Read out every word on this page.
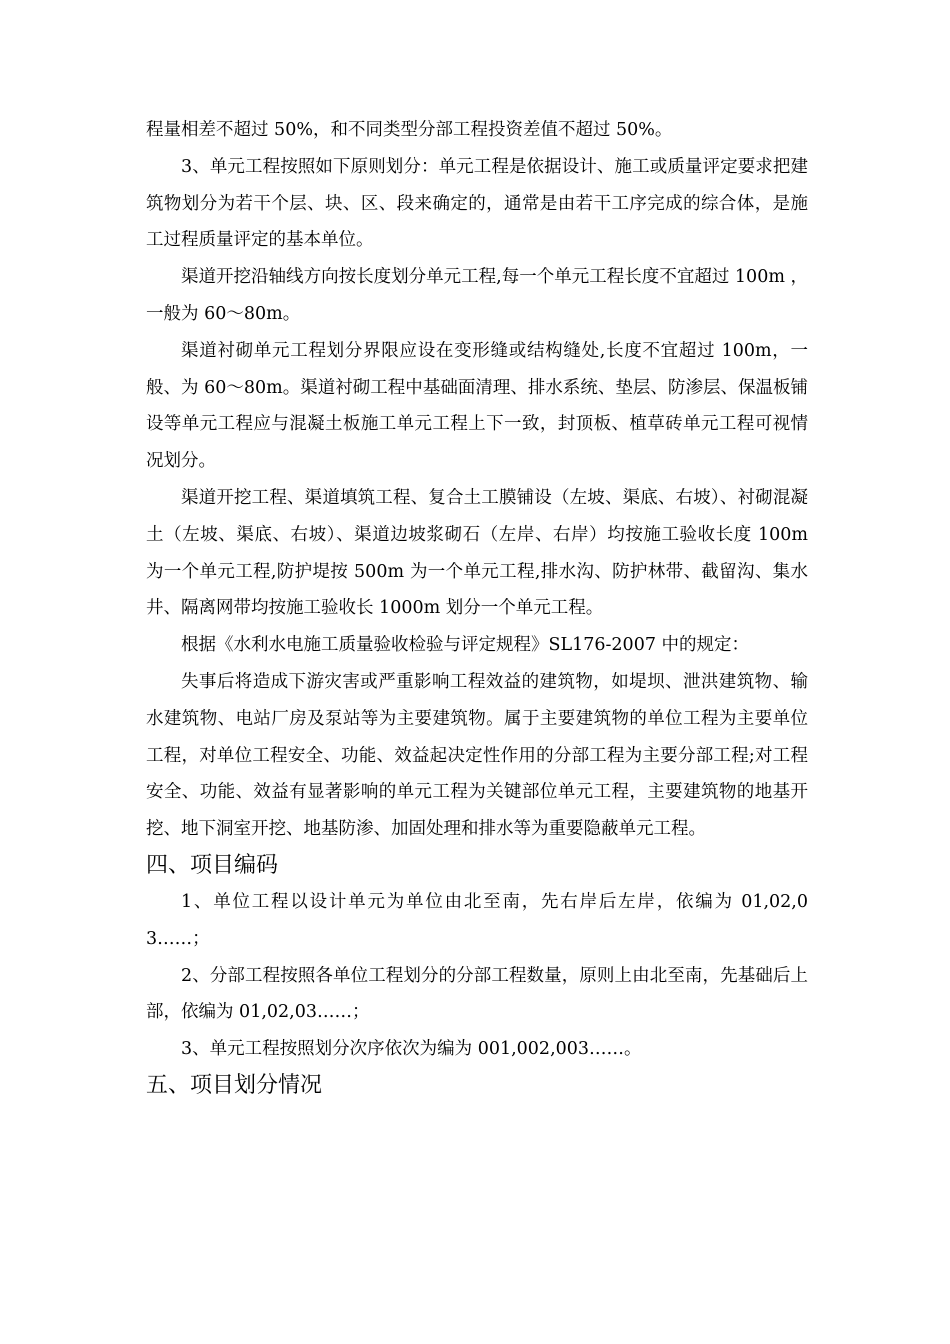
程量相差不超过 50%，和不同类型分部工程投资差值不超过 50%。

3、单元工程按照如下原则划分：单元工程是依据设计、施工或质量评定要求把建筑物划分为若干个层、块、区、段来确定的，通常是由若干工序完成的综合体，是施工过程质量评定的基本单位。

渠道开挖沿轴线方向按长度划分单元工程,每一个单元工程长度不宜超过 100m ，一般为 60～80m。

渠道衬砌单元工程划分界限应设在变形缝或结构缝处,长度不宜超过 100m，一般、为 60～80m。渠道衬砌工程中基础面清理、排水系统、垫层、防渗层、保温板铺设等单元工程应与混凝土板施工单元工程上下一致，封顶板、植草砖单元工程可视情况划分。

渠道开挖工程、渠道填筑工程、复合土工膜铺设（左坡、渠底、右坡）、衬砌混凝土（左坡、渠底、右坡）、渠道边坡浆砌石（左岸、右岸）均按施工验收长度 100m 为一个单元工程,防护堤按 500m 为一个单元工程,排水沟、防护林带、截留沟、集水井、隔离网带均按施工验收长 1000m 划分一个单元工程。

根据《水利水电施工质量验收检验与评定规程》SL176-2007 中的规定：

失事后将造成下游灾害或严重影响工程效益的建筑物，如堤坝、泄洪建筑物、输水建筑物、电站厂房及泵站等为主要建筑物。属于主要建筑物的单位工程为主要单位工程，对单位工程安全、功能、效益起决定性作用的分部工程为主要分部工程;对工程安全、功能、效益有显著影响的单元工程为关键部位单元工程，主要建筑物的地基开挖、地下洞室开挖、地基防渗、加固处理和排水等为重要隐蔽单元工程。

四、项目编码

1、单位工程以设计单元为单位由北至南，先右岸后左岸，依编为 01,02,03……；

2、分部工程按照各单位工程划分的分部工程数量，原则上由北至南，先基础后上部，依编为 01,02,03……；

3、单元工程按照划分次序依次为编为 001,002,003……。

五、项目划分情况
